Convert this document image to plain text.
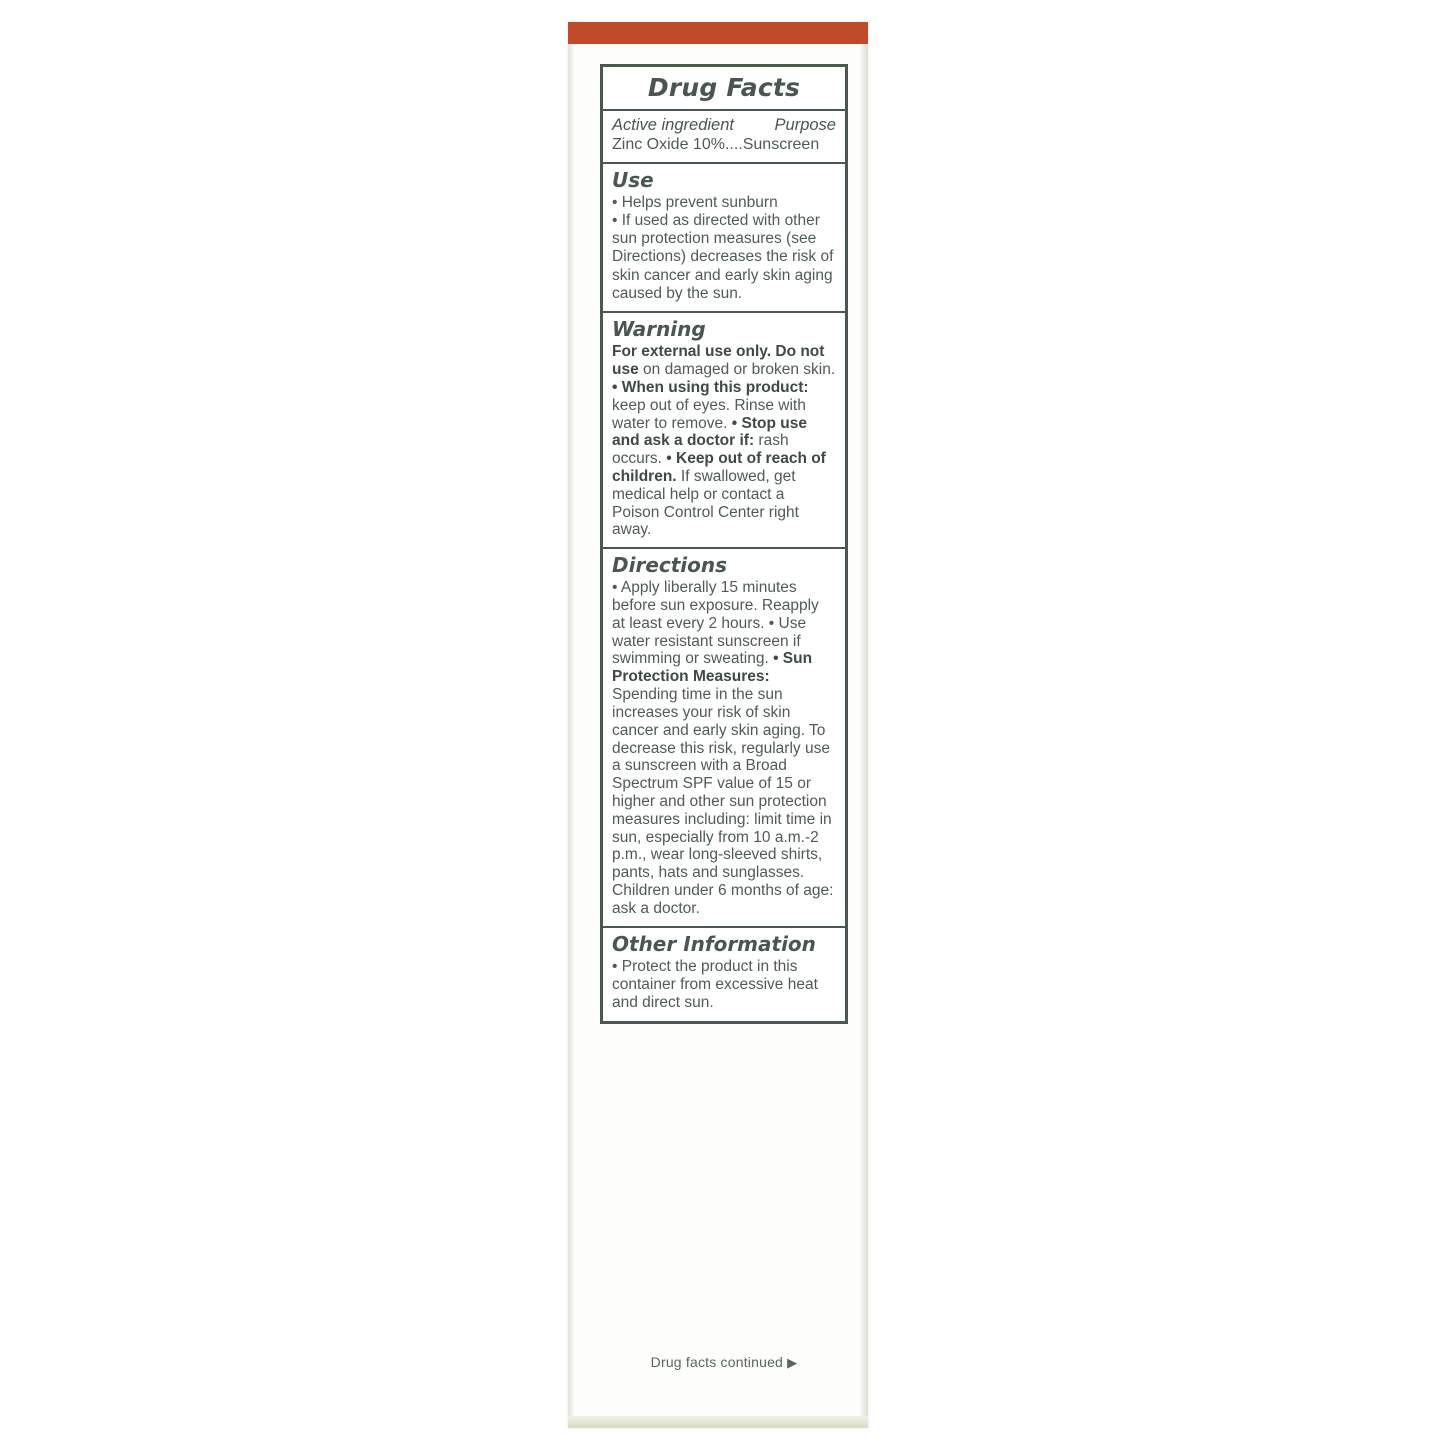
Drug Facts
Active ingredient Purpose
Zinc Oxide 10%....Sunscreen
Use
• Helps prevent sunburn
• If used as directed with other sun protection measures (see Directions) decreases the risk of skin cancer and early skin aging caused by the sun.
Warning
For external use only. Do not use on damaged or broken skin. • When using this product: keep out of eyes. Rinse with water to remove. • Stop use and ask a doctor if: rash occurs. • Keep out of reach of children. If swallowed, get medical help or contact a Poison Control Center right away.
Directions
• Apply liberally 15 minutes before sun exposure. Reapply at least every 2 hours. • Use water resistant sunscreen if swimming or sweating. • Sun Protection Measures: Spending time in the sun increases your risk of skin cancer and early skin aging. To decrease this risk, regularly use a sunscreen with a Broad Spectrum SPF value of 15 or higher and other sun protection measures including: limit time in sun, especially from 10 a.m.-2 p.m., wear long-sleeved shirts, pants, hats and sunglasses. Children under 6 months of age: ask a doctor.
Other Information
• Protect the product in this container from excessive heat and direct sun.
Drug facts continued ▶
